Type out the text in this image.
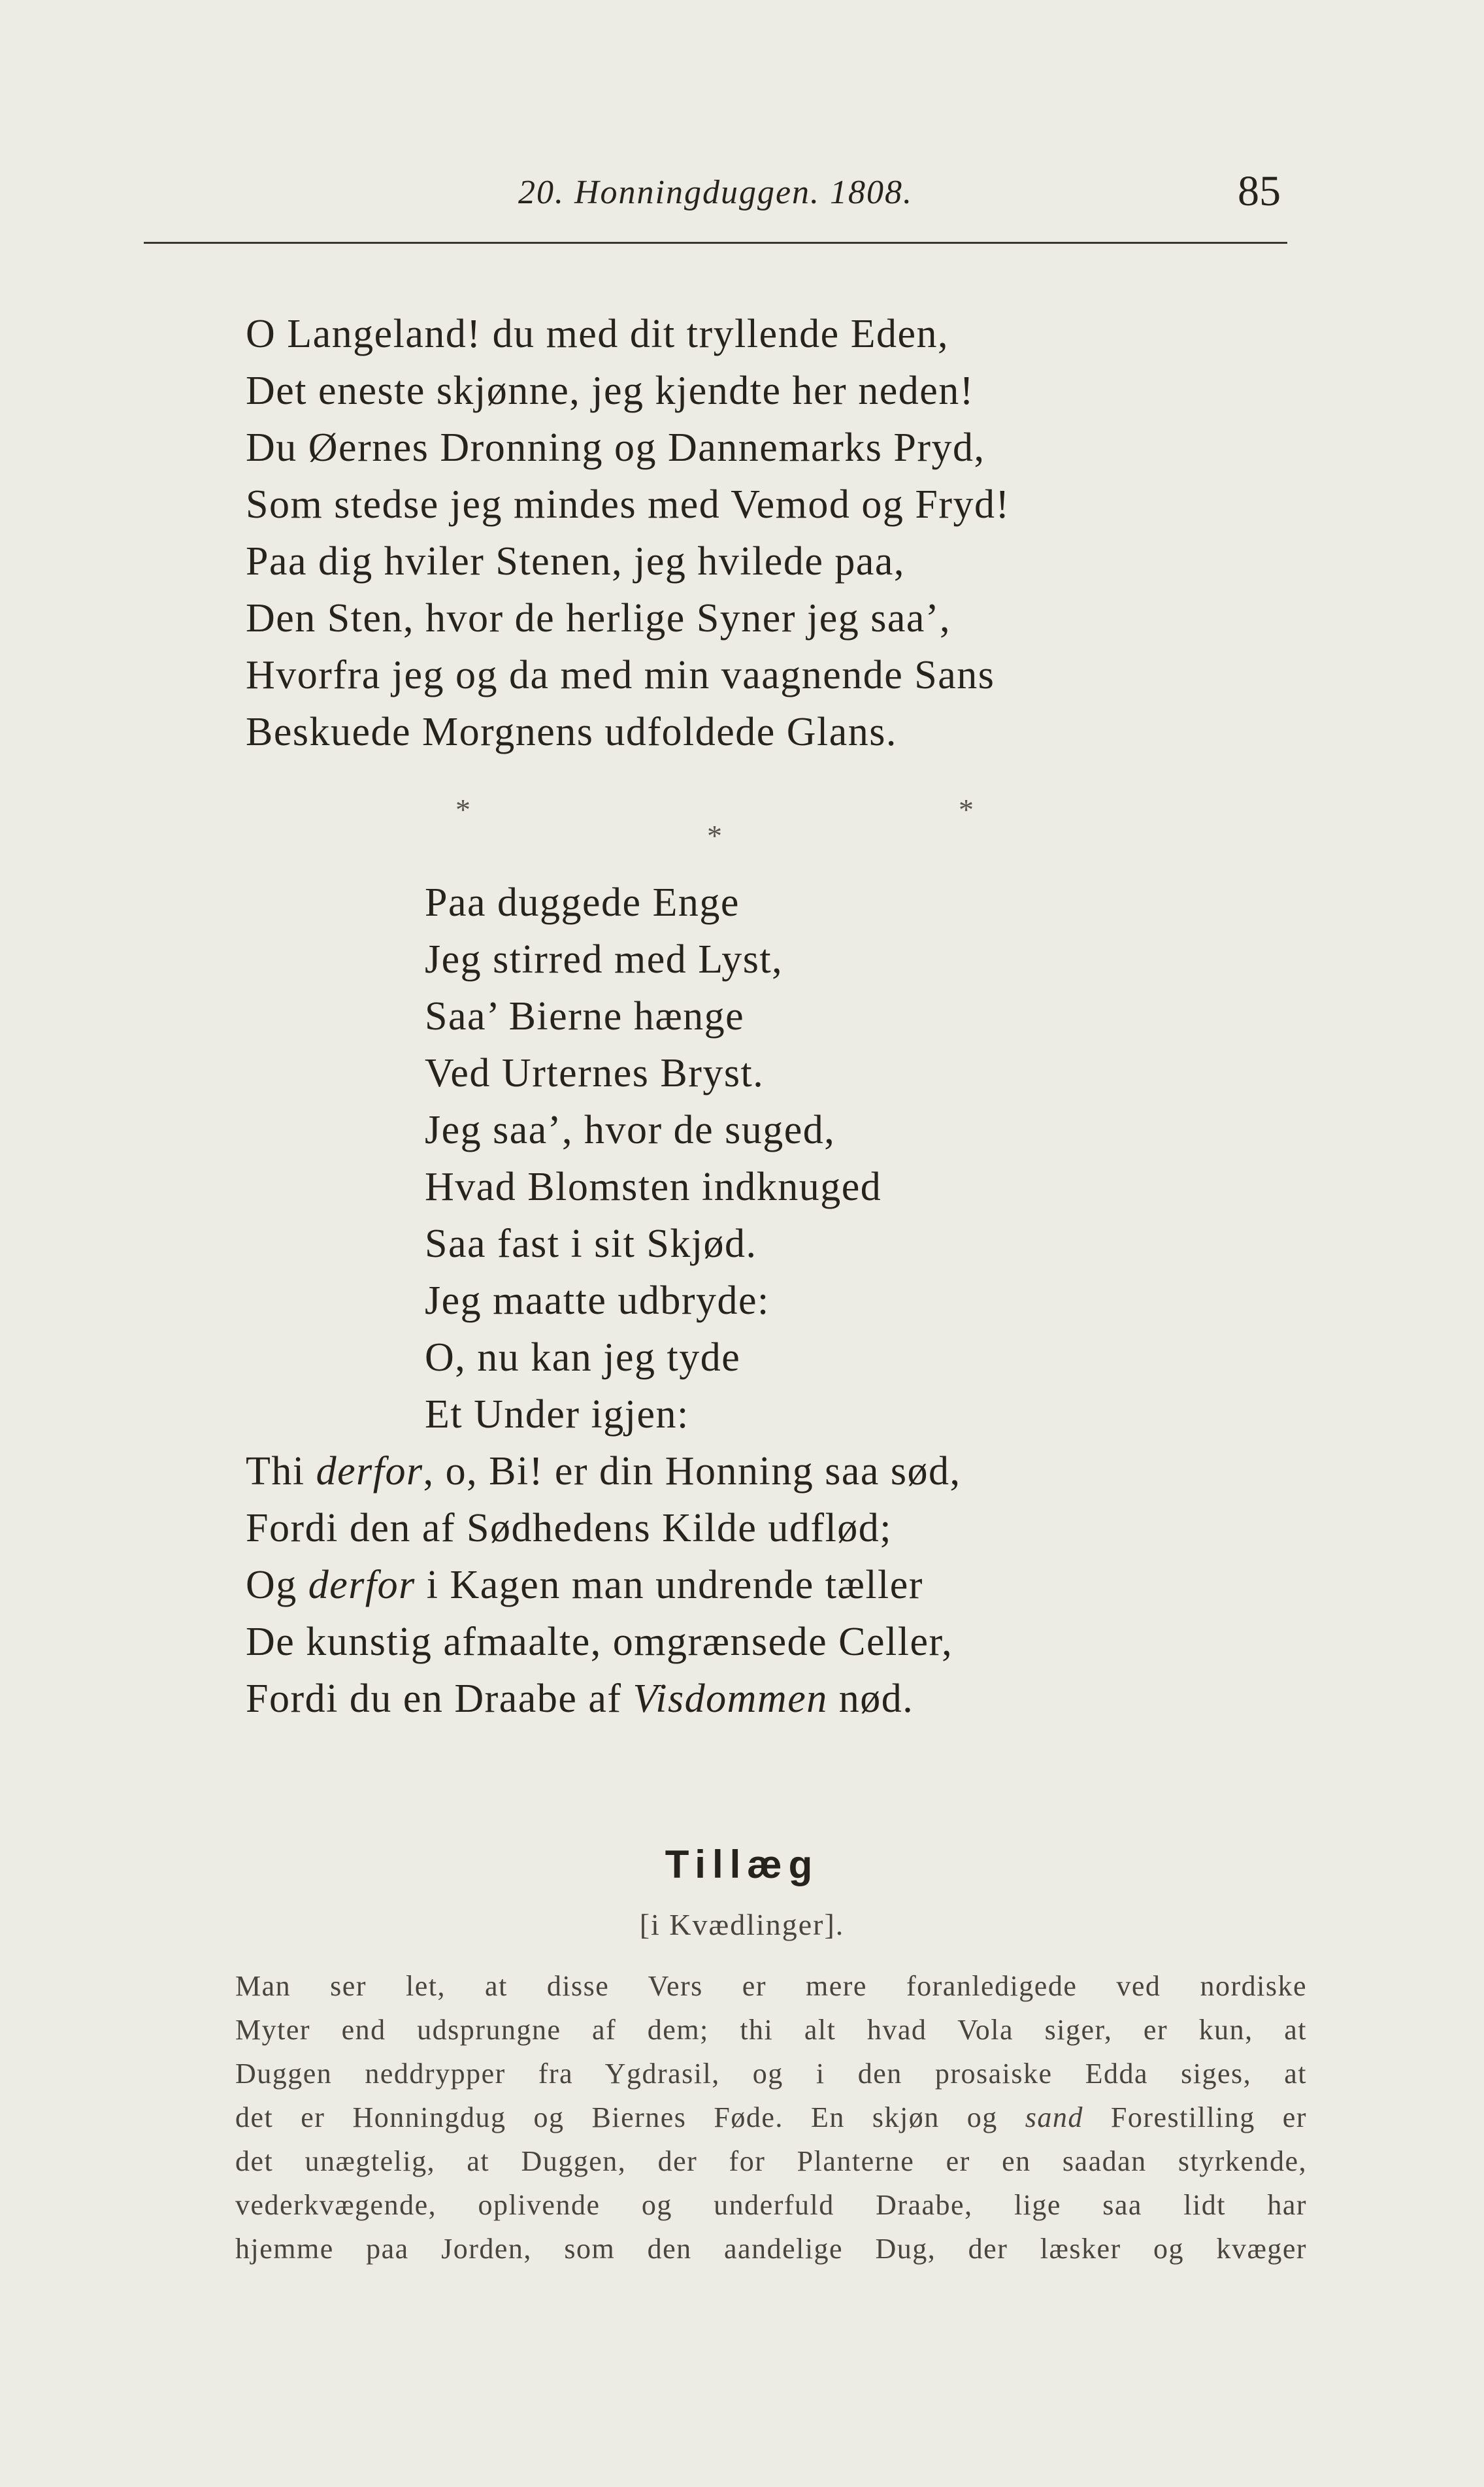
20. Honningduggen. 1808.	85
O Langeland! du med dit tryllende Eden,
Det eneste skjønne, jeg kjendte her neden!
Du Øernes Dronning og Dannemarks Pryd,
Som stedse jeg mindes med Vemod og Fryd!
Paa dig hviler Stenen, jeg hvilede paa,
Den Sten, hvor de herlige Syner jeg saa’,
Hvorfra jeg og da med min vaagnende Sans
Beskuede Morgnens udfoldede Glans.
*
*
*
Paa duggede Enge
Jeg stirred med Lyst,
Saa’ Bierne hænge
Ved Urternes Bryst.
Jeg saa’, hvor de suged,
Hvad Blomsten indknuged
Saa fast i sit Skjød.
Jeg maatte udbryde:
O, nu kan jeg tyde
Et Under igjen:
Thi derfor, o, Bi! er din Honning saa sød,
Fordi den af Sødhedens Kilde udflød;
Og derfor i Kagen man undrende tæller
De kunstig afmaalte, omgrænsede Celler,
Fordi du en Draabe af Visdommen nød.
Tillæg
[i Kvædlinger].
Man ser let, at disse Vers er mere foranledigede ved nordiske
Myter end udsprungne af dem; thi alt hvad Vola siger, er kun, at
Duggen neddrypper fra Ygdrasil, og i den prosaiske Edda siges, at
det er Honningdug og Biernes Føde. En skjøn og sand Forestilling er
det unægtelig, at Duggen, der for Planterne er en saadan styrkende,
vederkvægende, oplivende og underfuld Draabe, lige saa lidt har
hjemme paa Jorden, som den aandelige Dug, der læsker og kvæger
